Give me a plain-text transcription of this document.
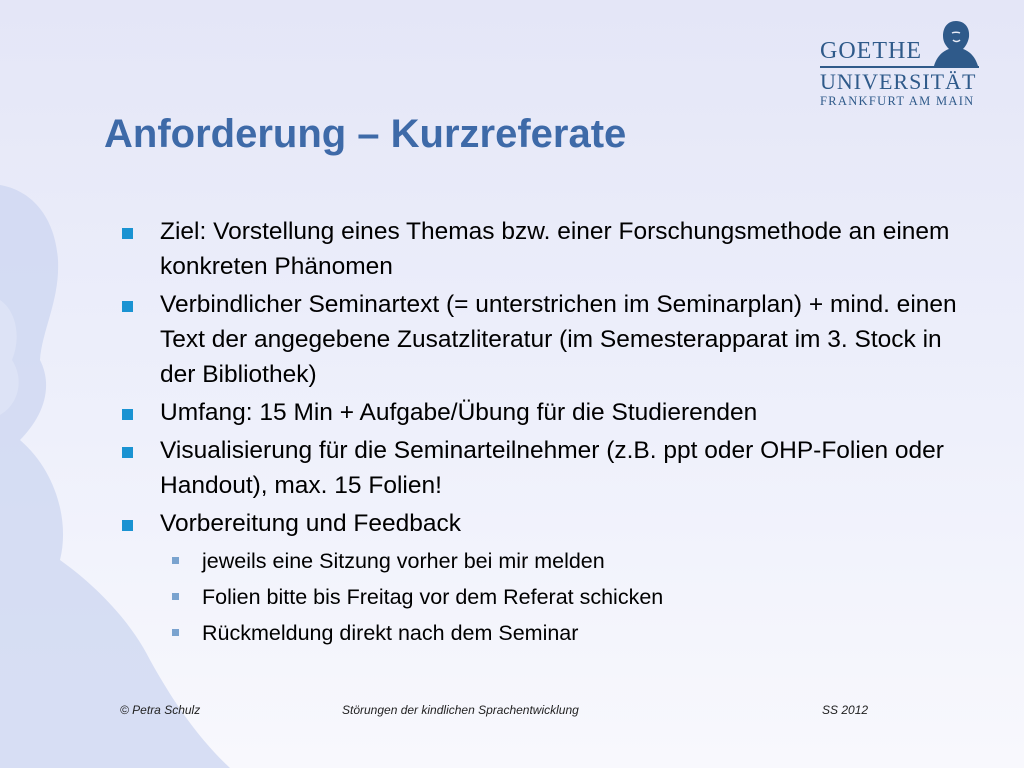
GOETHE
UNIVERSITÄT
FRANKFURT AM MAIN
Anforderung – Kurzreferate
Ziel: Vorstellung eines Themas bzw. einer Forschungsmethode an einem konkreten Phänomen
Verbindlicher Seminartext (= unterstrichen im Seminarplan) + mind. einen Text der angegebene Zusatzliteratur (im Semesterapparat im 3. Stock in der Bibliothek)
Umfang: 15 Min + Aufgabe/Übung für die Studierenden
Visualisierung für die Seminarteilnehmer (z.B. ppt oder OHP-Folien oder Handout), max. 15 Folien!
Vorbereitung und Feedback
jeweils eine Sitzung vorher bei mir melden
Folien bitte bis Freitag vor dem Referat schicken
Rückmeldung direkt nach dem Seminar
© Petra Schulz	Störungen der kindlichen Sprachentwicklung	SS 2012
